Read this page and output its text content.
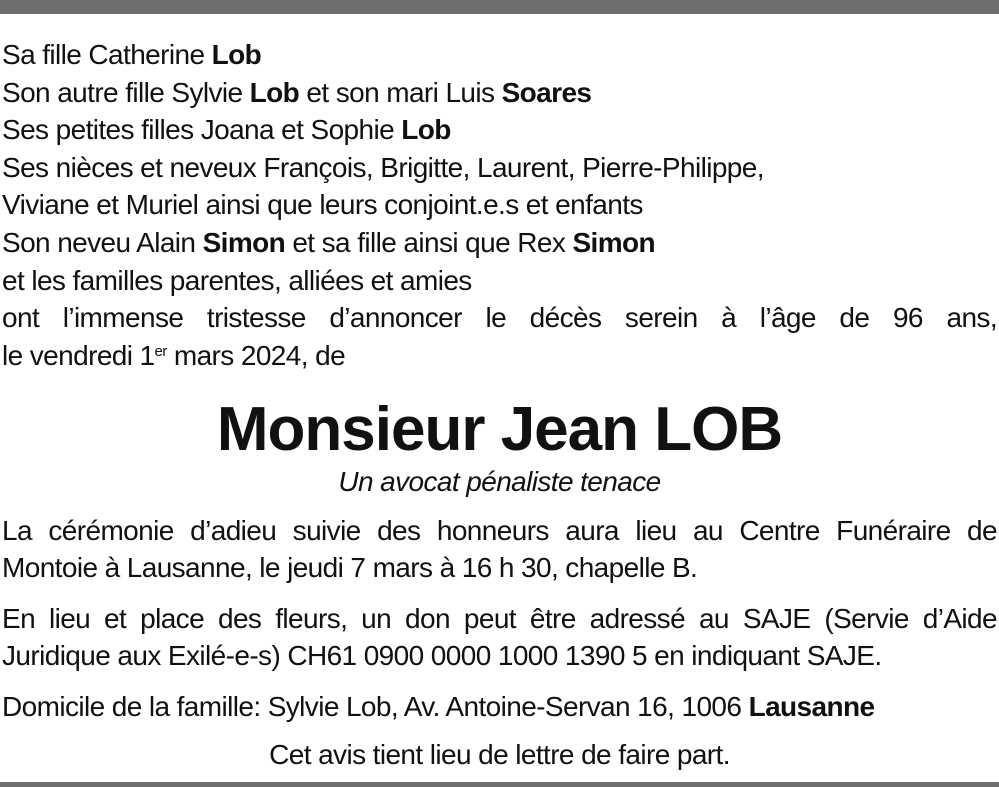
Sa fille Catherine Lob
Son autre fille Sylvie Lob et son mari Luis Soares
Ses petites filles Joana et Sophie Lob
Ses nièces et neveux François, Brigitte, Laurent, Pierre-Philippe,
Viviane et Muriel ainsi que leurs conjoint.e.s et enfants
Son neveu Alain Simon et sa fille ainsi que Rex Simon
et les familles parentes, alliées et amies
ont l’immense tristesse d’annoncer le décès serein à l’âge de 96 ans,
le vendredi 1er mars 2024, de
Monsieur Jean LOB
Un avocat pénaliste tenace
La cérémonie d’adieu suivie des honneurs aura lieu au Centre Funéraire de
Montoie à Lausanne, le jeudi 7 mars à 16 h 30, chapelle B.
En lieu et place des fleurs, un don peut être adressé au SAJE (Servie d’Aide
Juridique aux Exilé-e-s) CH61 0900 0000 1000 1390 5 en indiquant SAJE.
Domicile de la famille: Sylvie Lob, Av. Antoine-Servan 16, 1006 Lausanne
Cet avis tient lieu de lettre de faire part.
